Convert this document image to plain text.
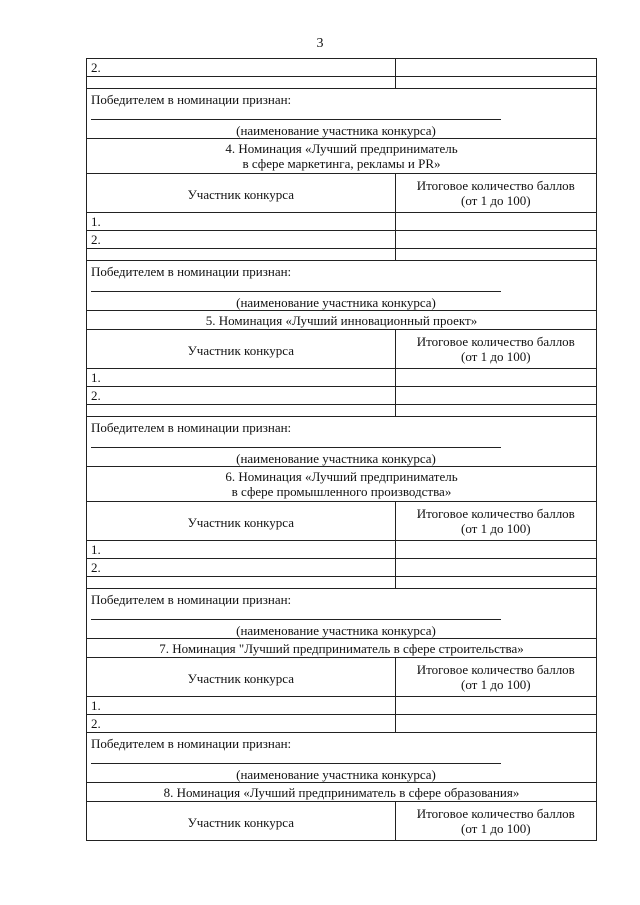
3
2.	

Победителем в номинации признан:
(наименование участника конкурса)	

4. Номинация «Лучший предприниматель
в сфере маркетинга, рекламы и PR»	

Участник конкурса	Итоговое количество баллов
(от 1 до 100)

1.	
2.	

Победителем в номинации признан:
(наименование участника конкурса)	

5. Номинация «Лучший инновационный проект»	

Участник конкурса	Итоговое количество баллов
(от 1 до 100)

1.	
2.	

Победителем в номинации признан:
(наименование участника конкурса)	

6. Номинация «Лучший предприниматель
в сфере промышленного производства»	

Участник конкурса	Итоговое количество баллов
(от 1 до 100)

1.	
2.	

Победителем в номинации признан:
(наименование участника конкурса)	

7. Номинация "Лучший предприниматель в сфере строительства»	

Участник конкурса	Итоговое количество баллов
(от 1 до 100)

1.	
2.	

Победителем в номинации признан:
(наименование участника конкурса)	

8. Номинация «Лучший предприниматель в сфере образования»	

Участник конкурса	Итоговое количество баллов
(от 1 до 100)
